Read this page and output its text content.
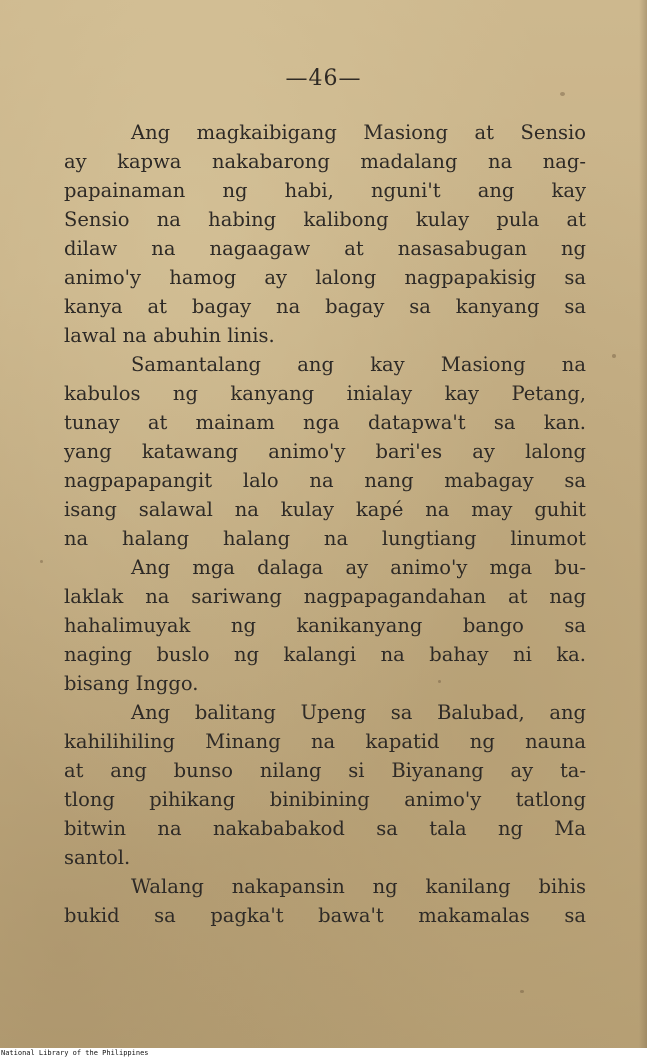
—46—
Ang magkaibigang Masiong at Sensio
ay kapwa nakabarong madalang na nag-
papainaman ng habi, nguni't ang kay
Sensio na habing kalibong kulay pula at
dilaw na nagaagaw at nasasabugan ng
animo'y hamog ay lalong nagpapakisig sa
kanya at bagay na bagay sa kanyang sa
lawal na abuhin linis.
Samantalang ang kay Masiong na
kabulos ng kanyang inialay kay Petang,
tunay at mainam nga datapwa't sa kan.
yang katawang animo'y bari'es ay lalong
nagpapapangit lalo na nang mabagay sa
isang salawal na kulay kapé na may guhit
na halang halang na lungtiang linumot
Ang mga dalaga ay animo'y mga bu-
laklak na sariwang nagpapagandahan at nag
hahalimuyak ng kanikanyang bango sa
naging buslo ng kalangi na bahay ni ka.
bisang Inggo.
Ang balitang Upeng sa Balubad, ang
kahilihiling Minang na kapatid ng nauna
at ang bunso nilang si Biyanang ay ta-
tlong pihikang binibining animo'y tatlong
bitwin na nakababakod sa tala ng Ma
santol.
Walang nakapansin ng kanilang bihis
bukid sa pagka't bawa't makamalas sa
National Library of the Philippines
